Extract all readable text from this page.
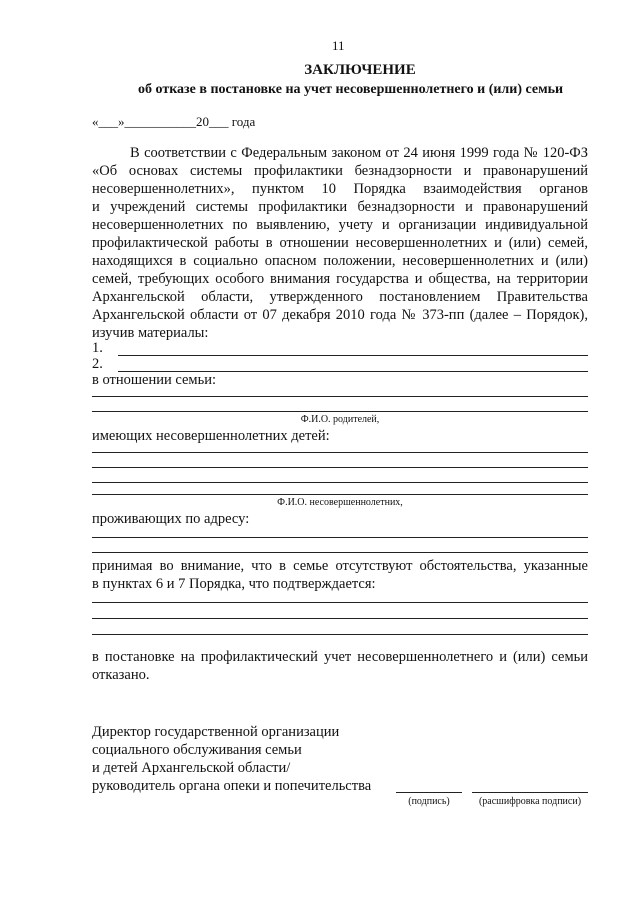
11
ЗАКЛЮЧЕНИЕ
об отказе в постановке на учет несовершеннолетнего и (или) семьи
«___»___________20___ года
В соответствии с Федеральным законом от 24 июня 1999 года № 120-ФЗ
«Об основах системы профилактики безнадзорности и правонарушений
несовершеннолетних», пунктом 10 Порядка взаимодействия органов
и учреждений системы профилактики безнадзорности и правонарушений
несовершеннолетних по выявлению, учету и организации индивидуальной
профилактической работы в отношении несовершеннолетних и (или) семей,
находящихся в социально опасном положении, несовершеннолетних и (или)
семей, требующих особого внимания государства и общества, на территории
Архангельской области, утвержденного постановлением Правительства
Архангельской области от 07 декабря 2010 года № 373-пп (далее – Порядок),
изучив материалы:
1.
2.
в отношении семьи:
Ф.И.О. родителей,
имеющих несовершеннолетних детей:
Ф.И.О. несовершеннолетних,
проживающих по адресу:
принимая во внимание, что в семье отсутствуют обстоятельства, указанные
в пунктах 6 и 7 Порядка, что подтверждается:
в постановке на профилактический учет несовершеннолетнего и (или) семьи
отказано.
Директор государственной организации
социального обслуживания семьи
и детей Архангельской области/
руководитель органа опеки и попечительства
(подпись)	(расшифровка подписи)
